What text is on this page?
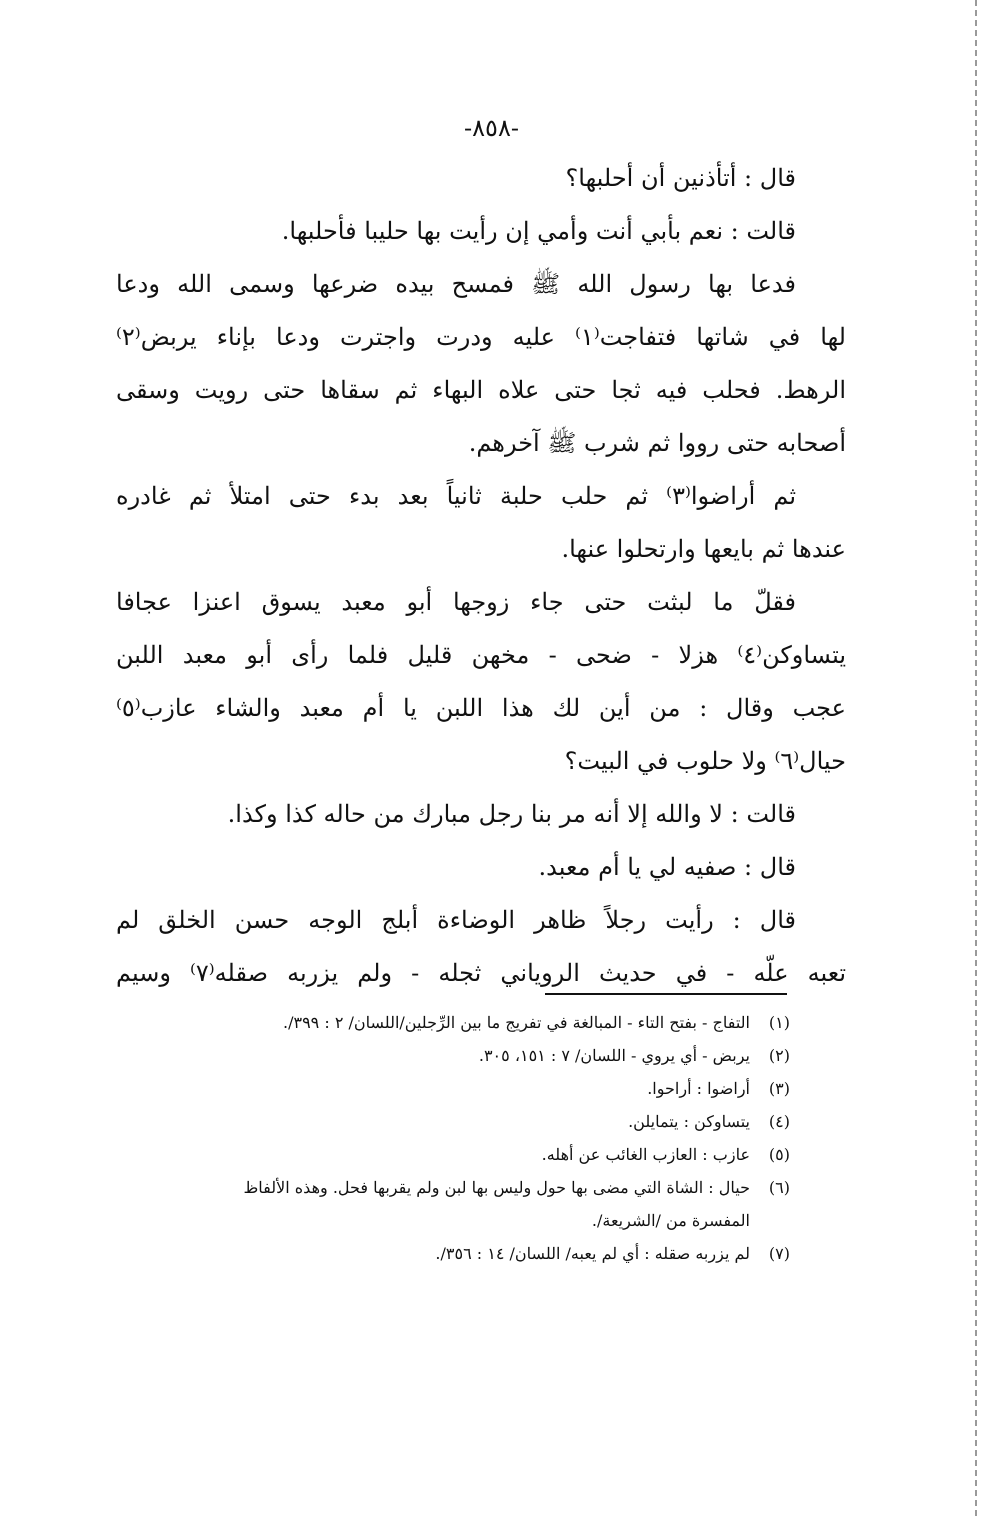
-٨٥٨-
قال : أتأذنين أن أحلبها؟
قالت : نعم بأبي أنت وأمي إن رأيت بها حليبا فأحلبها.
فدعا بها رسول الله ﷺ فمسح بيده ضرعها وسمى الله ودعا
لها في شاتها فتفاجت⁽١⁾ عليه ودرت واجترت ودعا بإناء يربض⁽٢⁾
الرهط. فحلب فيه ثجا حتى علاه البهاء ثم سقاها حتى رويت وسقى
أصحابه حتى رووا ثم شرب ﷺ آخرهم.
ثم أراضوا⁽٣⁾ ثم حلب حلبة ثانياً بعد بدء حتى امتلأ ثم غادره
عندها ثم بايعها وارتحلوا عنها.
فقلّ ما لبثت حتى جاء زوجها أبو معبد يسوق اعنزا عجافا
يتساوكن⁽٤⁾ هزلا - ضحى - مخهن قليل فلما رأى أبو معبد اللبن
عجب وقال : من أين لك هذا اللبن يا أم معبد والشاء عازب⁽٥⁾
حيال⁽٦⁾ ولا حلوب في البيت؟
قالت : لا والله إلا أنه مر بنا رجل مبارك من حاله كذا وكذا.
قال : صفيه لي يا أم معبد.
قال : رأيت رجلاً ظاهر الوضاءة أبلج الوجه حسن الخلق لم
تعبه علّه - في حديث الروياني ثجله - ولم يزربه صقله⁽٧⁾ وسيم
(١)
التفاج - بفتح التاء - المبالغة في تفريج ما بين الرِّجلين/اللسان/ ٢ : ٣٩٩/.
(٢)
يربض - أي يروي - اللسان/ ٧ : ١٥١، ٣٠٥.
(٣)
أراضوا : أراحوا.
(٤)
يتساوكن : يتمايلن.
(٥)
عازب : العازب الغائب عن أهله.
(٦)
حيال : الشاة التي مضى بها حول وليس بها لبن ولم يقربها فحل. وهذه الألفاظ
المفسرة من /الشريعة/.
(٧)
لم يزربه صقله : أي لم يعبه/ اللسان/ ١٤ : ٣٥٦/.
